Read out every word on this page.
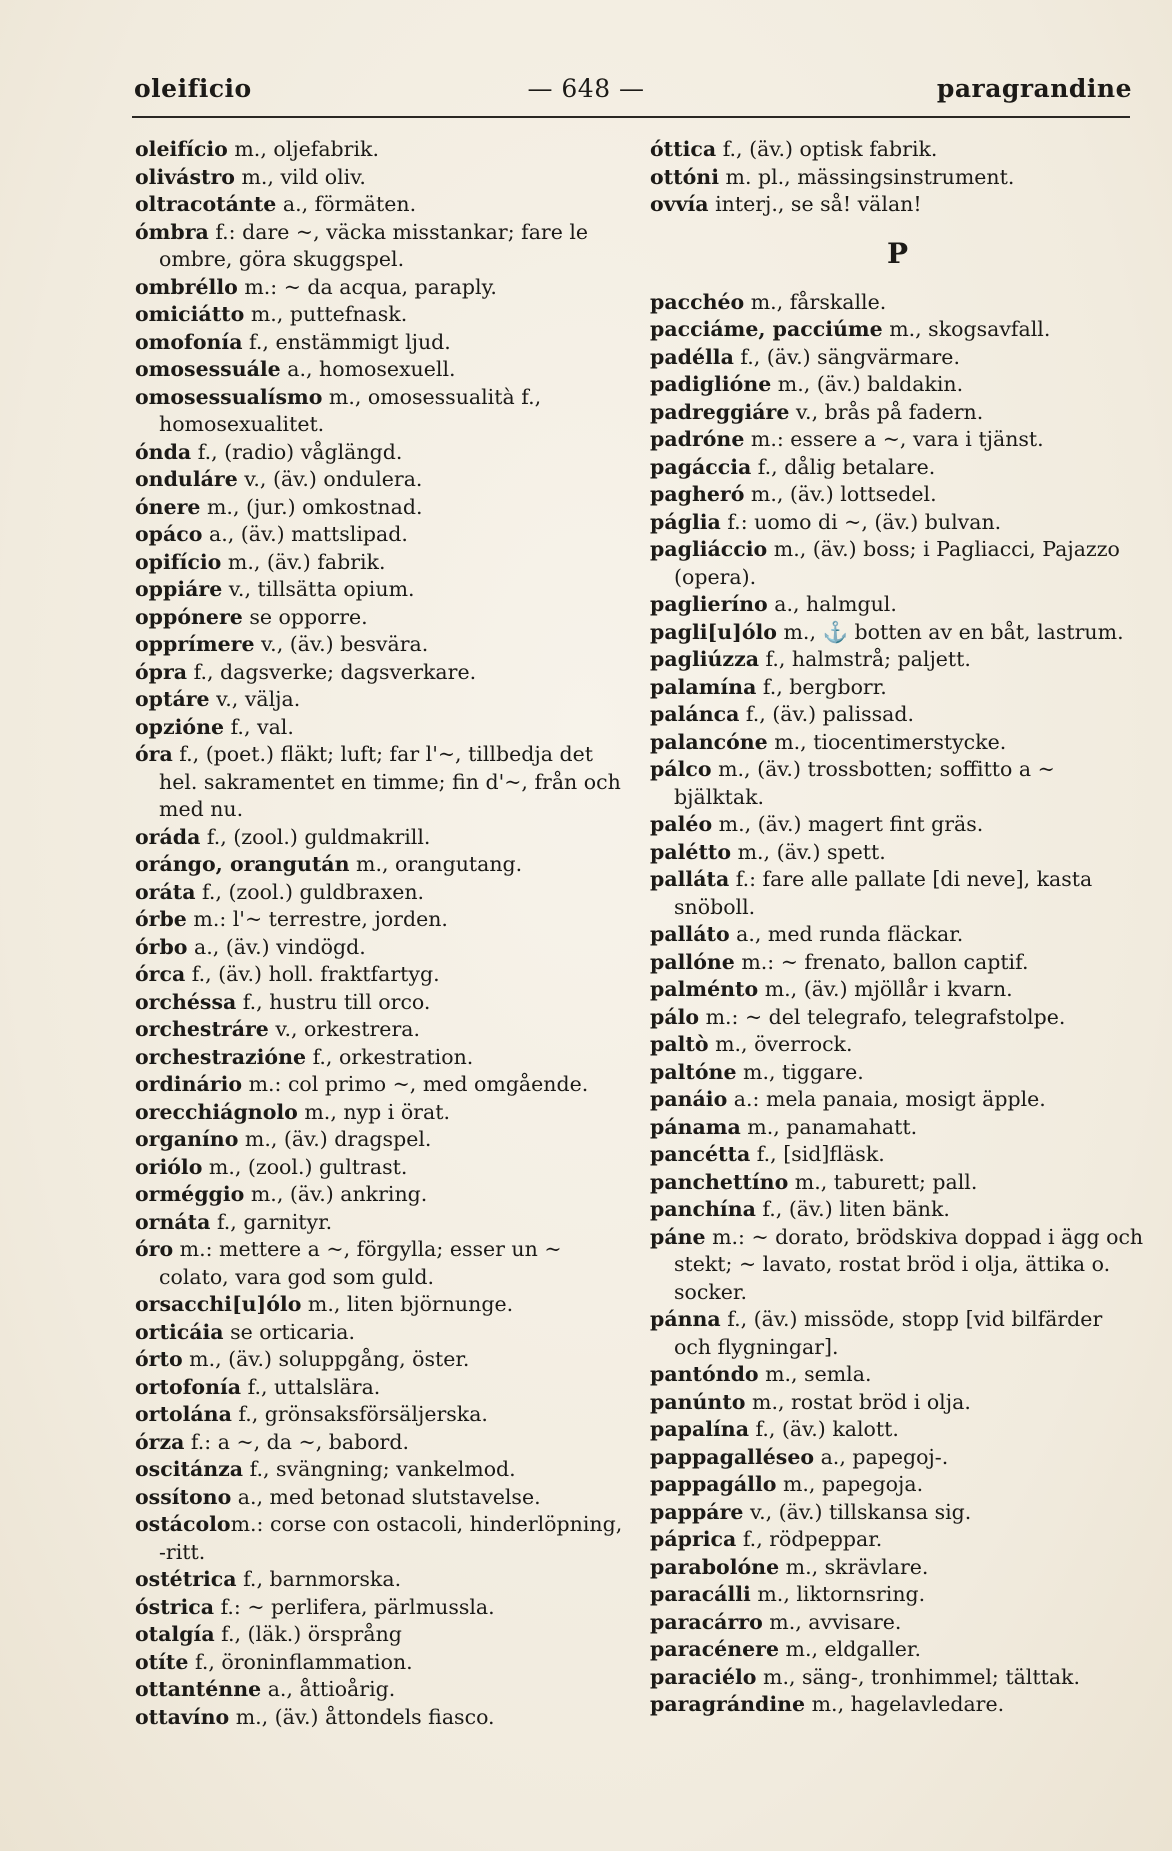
oleificio	— 648 —	paragrandine
oleifício m., oljefabrik.
olivástro m., vild oliv.
oltracotánte a., förmäten.
ómbra f.: dare ~, väcka misstankar; fare le ombre, göra skuggspel.
ombréllo m.: ~ da acqua, paraply.
omiciátto m., puttefnask.
omofonía f., enstämmigt ljud.
omosessuále a., homosexuell.
omosessualísmo m., omosessualità f., homosexualitet.
ónda f., (radio) våglängd.
onduláre v., (äv.) ondulera.
ónere m., (jur.) omkostnad.
opáco a., (äv.) mattslipad.
opifício m., (äv.) fabrik.
oppiáre v., tillsätta opium.
oppónere se opporre.
opprímere v., (äv.) besvära.
ópra f., dagsverke; dagsverkare.
optáre v., välja.
opzióne f., val.
óra f., (poet.) fläkt; luft; far l'~, tillbedja det hel. sakramentet en timme; fin d'~, från och med nu.
oráda f., (zool.) guldmakrill.
orángo, orangután m., orangutang.
oráta f., (zool.) guldbraxen.
órbe m.: l'~ terrestre, jorden.
órbo a., (äv.) vindögd.
órca f., (äv.) holl. fraktfartyg.
orchéssa f., hustru till orco.
orchestráre v., orkestrera.
orchestrazióne f., orkestration.
ordinário m.: col primo ~, med omgående.
orecchiágnolo m., nyp i örat.
organíno m., (äv.) dragspel.
oriólo m., (zool.) gultrast.
orméggio m., (äv.) ankring.
ornáta f., garnityr.
óro m.: mettere a ~, förgylla; esser un ~ colato, vara god som guld.
orsacchi[u]ólo m., liten björnunge.
orticáia se orticaria.
órto m., (äv.) soluppgång, öster.
ortofonía f., uttalslära.
ortolána f., grönsaksförsäljerska.
órza f.: a ~, da ~, babord.
oscitánza f., svängning; vankelmod.
ossítono a., med betonad slutstavelse.
ostácolom.: corse con ostacoli, hinderlöpning, -ritt.
ostétrica f., barnmorska.
óstrica f.: ~ perlifera, pärlmussla.
otalgía f., (läk.) örsprång
otíte f., öroninflammation.
ottanténne a., åttioårig.
ottavíno m., (äv.) åttondels fiasco.
óttica f., (äv.) optisk fabrik.
ottóni m. pl., mässingsinstrument.
ovvía interj., se så! välan!
P
pacchéo m., fårskalle.
pacciáme, pacciúme m., skogsavfall.
padélla f., (äv.) sängvärmare.
padiglióne m., (äv.) baldakin.
padreggiáre v., brås på fadern.
padróne m.: essere a ~, vara i tjänst.
pagáccia f., dålig betalare.
pagheró m., (äv.) lottsedel.
páglia f.: uomo di ~, (äv.) bulvan.
pagliáccio m., (äv.) boss; i Pagliacci, Pajazzo (opera).
paglieríno a., halmgul.
pagli[u]ólo m., ⚓ botten av en båt, lastrum.
pagliúzza f., halmstrå; paljett.
palamína f., bergborr.
palánca f., (äv.) palissad.
palancóne m., tiocentimerstycke.
pálco m., (äv.) trossbotten; soffitto a ~ bjälktak.
paléo m., (äv.) magert fint gräs.
palétto m., (äv.) spett.
palláta f.: fare alle pallate [di neve], kasta snöboll.
palláto a., med runda fläckar.
pallóne m.: ~ frenato, ballon captif.
palménto m., (äv.) mjöllår i kvarn.
pálo m.: ~ del telegrafo, telegrafstolpe.
paltò m., överrock.
paltóne m., tiggare.
panáio a.: mela panaia, mosigt äpple.
pánama m., panamahatt.
pancétta f., [sid]fläsk.
panchettíno m., taburett; pall.
panchína f., (äv.) liten bänk.
páne m.: ~ dorato, brödskiva doppad i ägg och stekt; ~ lavato, rostat bröd i olja, ättika o. socker.
pánna f., (äv.) missöde, stopp [vid bilfärder och flygningar].
pantóndo m., semla.
panúnto m., rostat bröd i olja.
papalína f., (äv.) kalott.
pappagalléseo a., papegoj-.
pappagállo m., papegoja.
pappáre v., (äv.) tillskansa sig.
páprica f., rödpeppar.
parabolóne m., skrävlare.
paracálli m., liktornsring.
paracárro m., avvisare.
paracénere m., eldgaller.
paraciélo m., säng-, tronhimmel; tälttak.
paragrándine m., hagelavledare.
